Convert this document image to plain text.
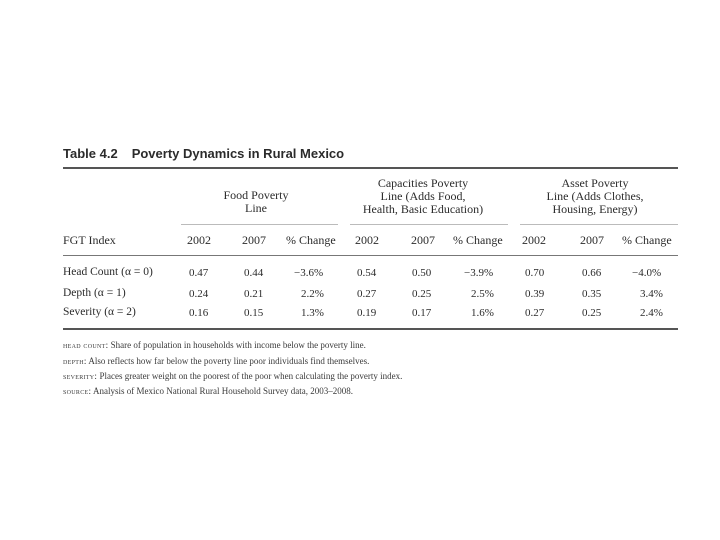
Table 4.2 Poverty Dynamics in Rural Mexico
Food Poverty
Line
Capacities Poverty
Line (Adds Food,
Health, Basic Education)
Asset Poverty
Line (Adds Clothes,
Housing, Energy)
FGT Index	2002	2007 % Change 2002	2007 % Change 2002	2007 % Change
Head Count (α = 0)	0.47	0.44	−3.6%	0.54	0.50	−3.9%	0.70	0.66	−4.0%
Depth (α = 1)	0.24	0.21	2.2%	0.27	0.25	2.5%	0.39	0.35	3.4%
Severity (α = 2)	0.16	0.15	1.3%	0.19	0.17	1.6%	0.27	0.25	2.4%
head count: Share of population in households with income below the poverty line.
depth: Also reflects how far below the poverty line poor individuals find themselves.
severity: Places greater weight on the poorest of the poor when calculating the poverty index.
source: Analysis of Mexico National Rural Household Survey data, 2003–2008.
